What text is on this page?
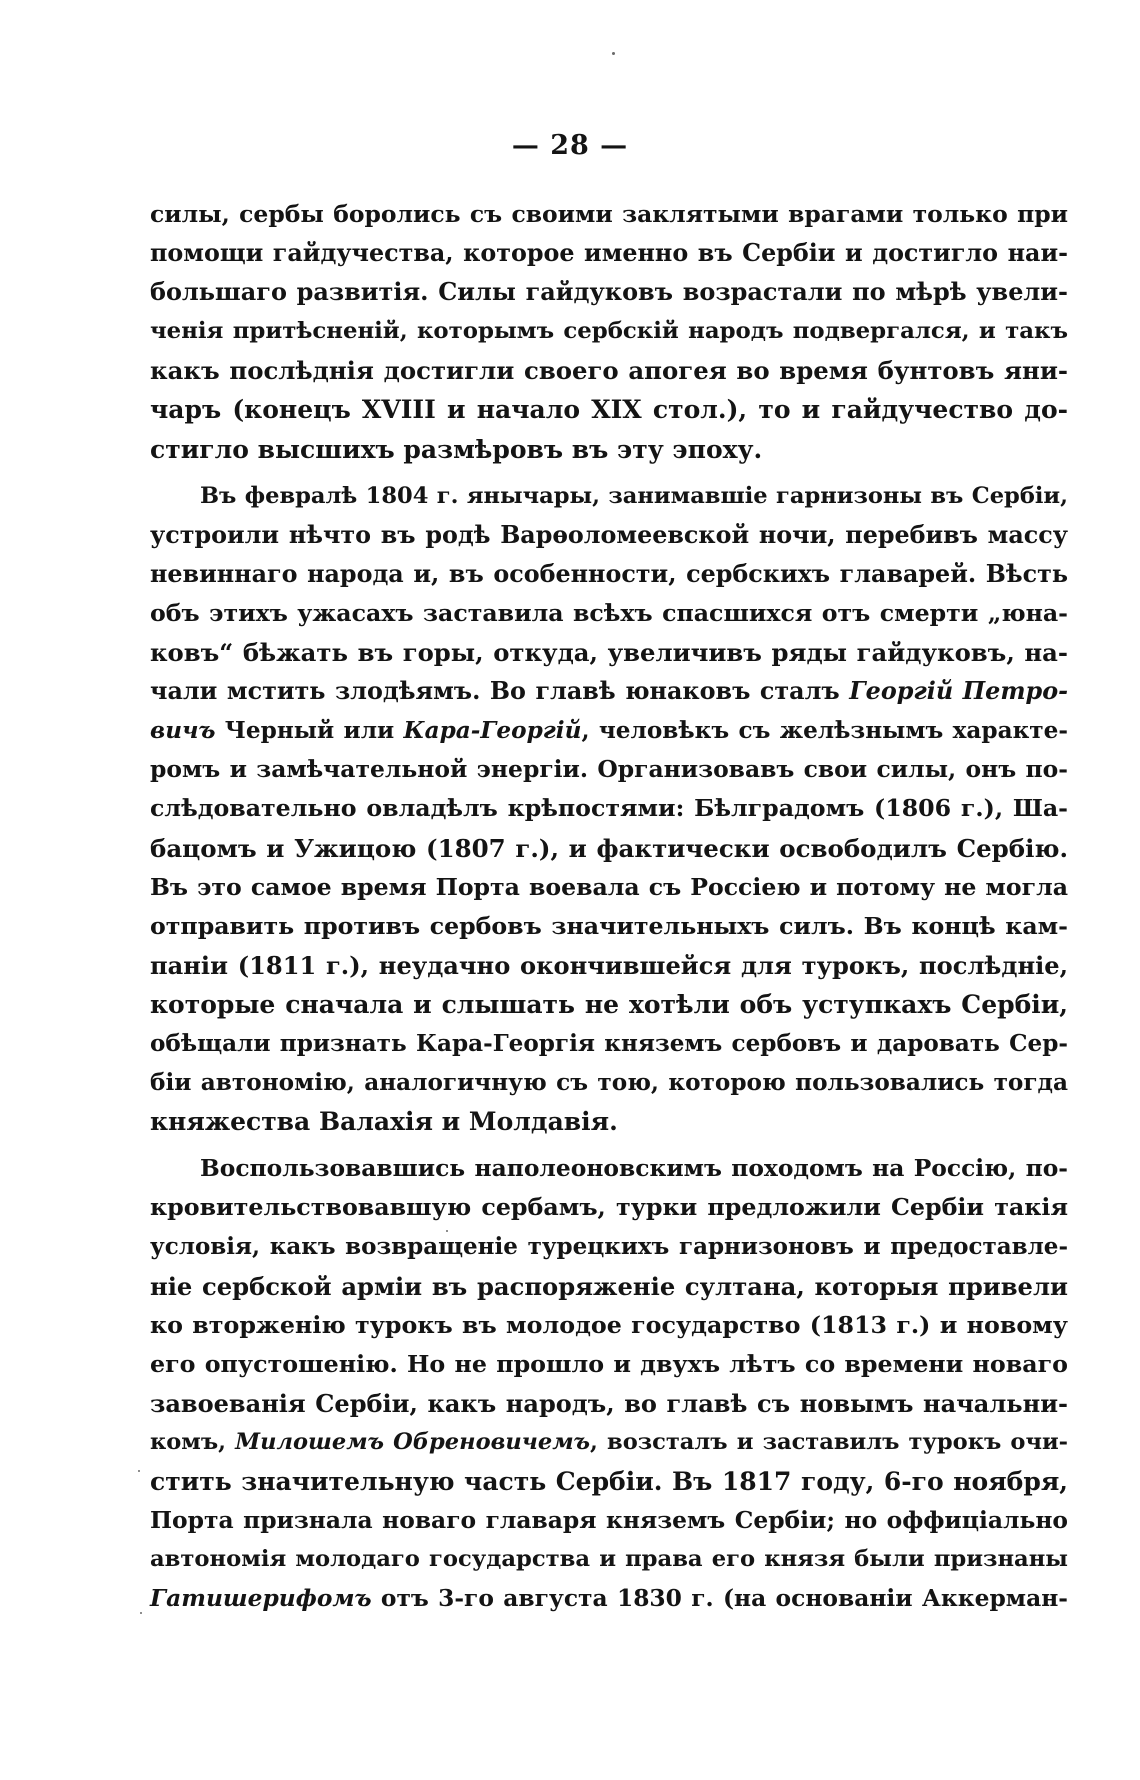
— 28 —
силы, сербы боролись съ своими заклятыми врагами только при
помощи гайдучества, которое именно въ Сербіи и достигло наи-
большаго развитія. Силы гайдуковъ возрастали по мѣрѣ увели-
ченія притѣсненій, которымъ сербскій народъ подвергался, и такъ
какъ послѣднія достигли своего апогея во время бунтовъ яни-
чаръ (конецъ XVIII и начало XIX стол.), то и гайдучество до-
стигло высшихъ размѣровъ въ эту эпоху.
Въ февралѣ 1804 г. янычары, занимавшіе гарнизоны въ Сербіи,
устроили нѣчто въ родѣ Варѳоломеевской ночи, перебивъ массу
невиннаго народа и, въ особенности, сербскихъ главарей. Вѣсть
объ этихъ ужасахъ заставила всѣхъ спасшихся отъ смерти „юна-
ковъ“ бѣжать въ горы, откуда, увеличивъ ряды гайдуковъ, на-
чали мстить злодѣямъ. Во главѣ юнаковъ сталъ Георгій Петро-
вичъ Черный или Кара-Георгій, человѣкъ съ желѣзнымъ характе-
ромъ и замѣчательной энергіи. Организовавъ свои силы, онъ по-
слѣдовательно овладѣлъ крѣпостями: Бѣлградомъ (1806 г.), Ша-
бацомъ и Ужицою (1807 г.), и фактически освободилъ Сербію.
Въ это самое время Порта воевала съ Россіею и потому не могла
отправить противъ сербовъ значительныхъ силъ. Въ концѣ кам-
паніи (1811 г.), неудачно окончившейся для турокъ, послѣдніе,
которые сначала и слышать не хотѣли объ уступкахъ Сербіи,
обѣщали признать Кара-Георгія княземъ сербовъ и даровать Сер-
біи автономію, аналогичную съ тою, которою пользовались тогда
княжества Валахія и Молдавія.
Воспользовавшись наполеоновскимъ походомъ на Россію, по-
кровительствовавшую сербамъ, турки предложили Сербіи такія
условія, какъ возвращеніе турецкихъ гарнизоновъ и предоставле-
ніе сербской арміи въ распоряженіе султана, которыя привели
ко вторженію турокъ въ молодое государство (1813 г.) и новому
его опустошенію. Но не прошло и двухъ лѣтъ со времени новаго
завоеванія Сербіи, какъ народъ, во главѣ съ новымъ начальни-
комъ, Милошемъ Обреновичемъ, возсталъ и заставилъ турокъ очи-
стить значительную часть Сербіи. Въ 1817 году, 6-го ноября,
Порта признала новаго главаря княземъ Сербіи; но оффиціально
автономія молодаго государства и права его князя были признаны
Гатишерифомъ отъ 3-го августа 1830 г. (на основаніи Аккерман-
